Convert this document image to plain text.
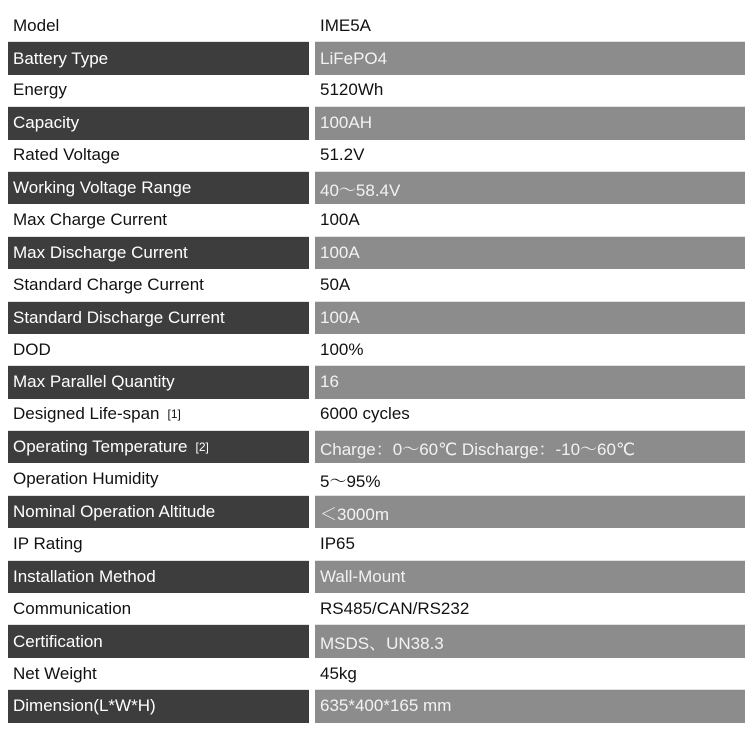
Model	IME5A
Battery Type	LiFePO4
Energy	5120Wh
Capacity	100AH
Rated Voltage	51.2V
Working Voltage Range	40～58.4V
Max Charge Current	100A
Max Discharge Current	100A
Standard Charge Current	50A
Standard Discharge Current	100A
DOD	100%
Max Parallel Quantity	16
Designed Life-span [1]	6000 cycles
Operating Temperature [2]	Charge：0～60℃ Discharge：-10～60℃
Operation Humidity	5～95%
Nominal Operation Altitude	＜3000m
IP Rating	IP65
Installation Method	Wall-Mount
Communication	RS485/CAN/RS232
Certification	MSDS、UN38.3
Net Weight	45kg
Dimension(L*W*H)	635*400*165 mm
